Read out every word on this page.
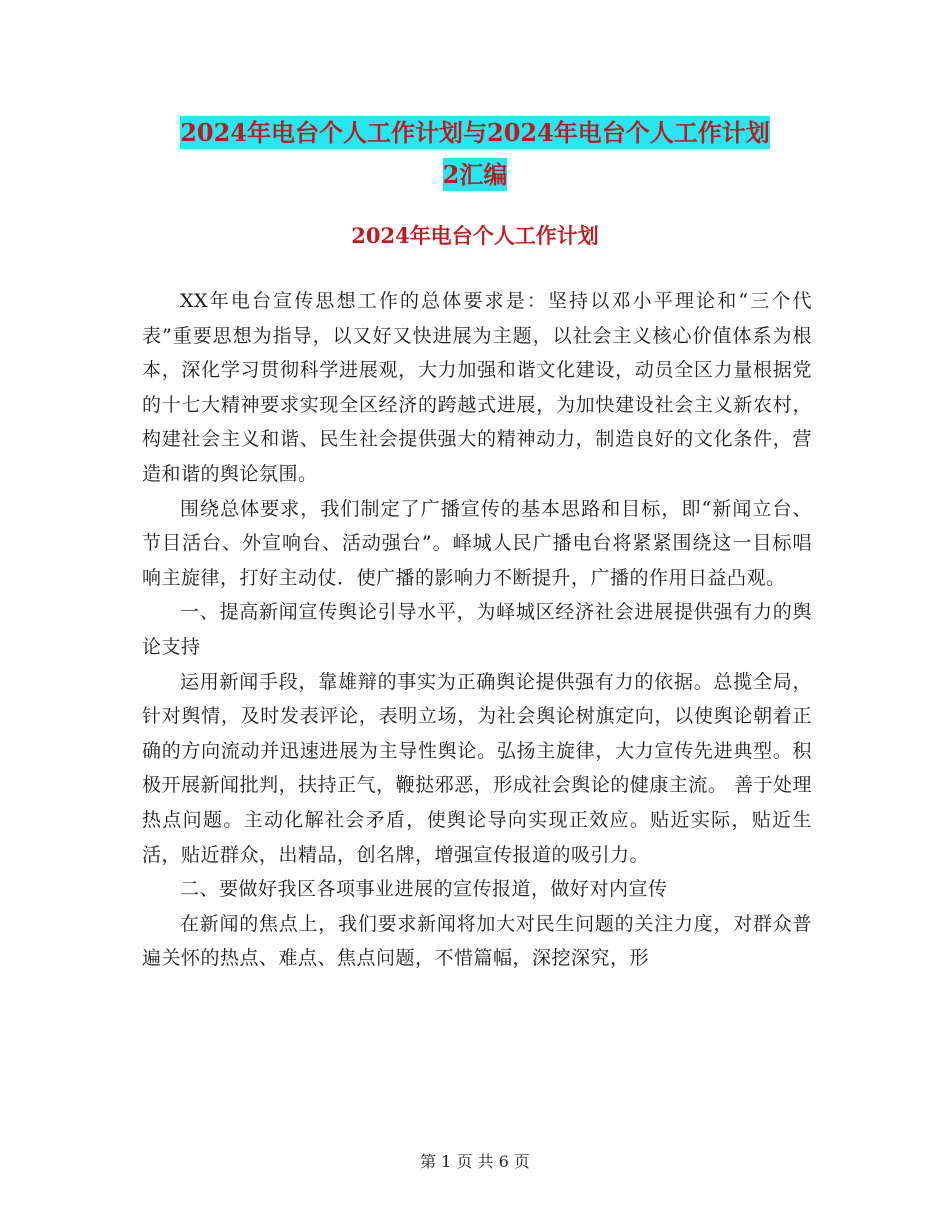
2024年电台个人工作计划与2024年电台个人工作计划
2汇编
2024年电台个人工作计划

XX年电台宣传思想工作的总体要求是：坚持以邓小平理论和“三个代表”重要思想为指导，以又好又快进展为主题，以社会主义核心价值体系为根本，深化学习贯彻科学进展观，大力加强和谐文化建设，动员全区力量根据党的十七大精神要求实现全区经济的跨越式进展，为加快建设社会主义新农村，构建社会主义和谐、民生社会提供强大的精神动力，制造良好的文化条件，营造和谐的舆论氛围。

围绕总体要求，我们制定了广播宣传的基本思路和目标，即“新闻立台、节目活台、外宣响台、活动强台”。峄城人民广播电台将紧紧围绕这一目标唱响主旋律，打好主动仗．使广播的影响力不断提升，广播的作用日益凸观。

一、提高新闻宣传舆论引导水平，为峄城区经济社会进展提供强有力的舆论支持

运用新闻手段，靠雄辩的事实为正确舆论提供强有力的依据。总揽全局，针对舆情，及时发表评论，表明立场，为社会舆论树旗定向，以使舆论朝着正确的方向流动并迅速进展为主导性舆论。弘扬主旋律，大力宣传先进典型。积极开展新闻批判，扶持正气，鞭挞邪恶，形成社会舆论的健康主流。 善于处理热点问题。主动化解社会矛盾，使舆论导向实现正效应。贴近实际，贴近生活，贴近群众，出精品，创名牌，增强宣传报道的吸引力。

二、要做好我区各项事业进展的宣传报道，做好对内宣传

在新闻的焦点上，我们要求新闻将加大对民生问题的关注力度，对群众普遍关怀的热点、难点、焦点问题，不惜篇幅，深挖深究，形

第 1 页 共 6 页
